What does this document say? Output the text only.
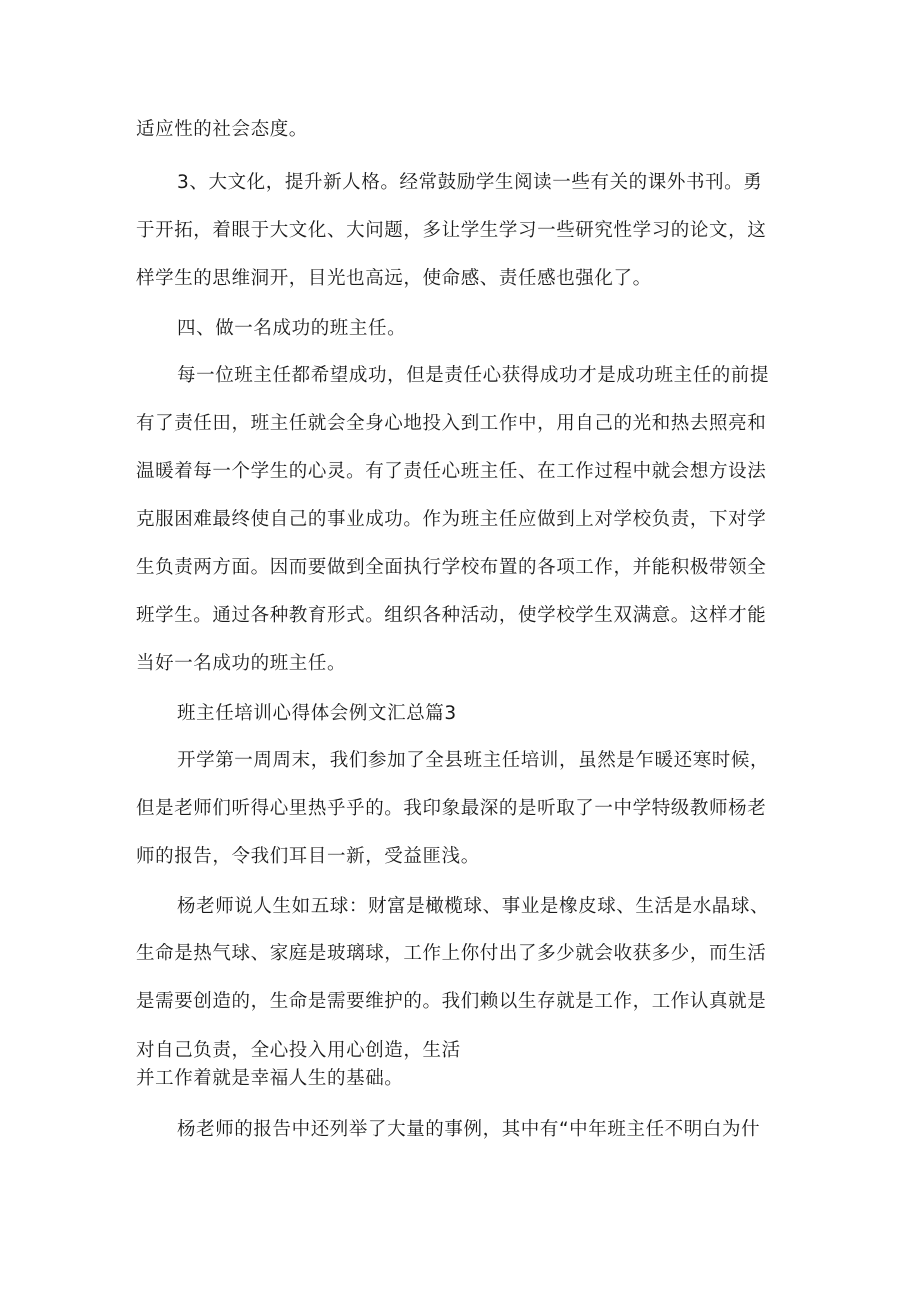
适应性的社会态度。
3、大文化，提升新人格。经常鼓励学生阅读一些有关的课外书刊。勇
于开拓，着眼于大文化、大问题，多让学生学习一些研究性学习的论文，这
样学生的思维洞开，目光也高远，使命感、责任感也强化了。
四、做一名成功的班主任。
每一位班主任都希望成功，但是责任心获得成功才是成功班主任的前提
有了责任田，班主任就会全身心地投入到工作中，用自己的光和热去照亮和
温暖着每一个学生的心灵。有了责任心班主任、在工作过程中就会想方设法
克服困难最终使自己的事业成功。作为班主任应做到上对学校负责，下对学
生负责两方面。因而要做到全面执行学校布置的各项工作，并能积极带领全
班学生。通过各种教育形式。组织各种活动，使学校学生双满意。这样才能
当好一名成功的班主任。
班主任培训心得体会例文汇总篇3
开学第一周周末，我们参加了全县班主任培训，虽然是乍暖还寒时候，
但是老师们听得心里热乎乎的。我印象最深的是听取了一中学特级教师杨老
师的报告，令我们耳目一新，受益匪浅。
杨老师说人生如五球：财富是橄榄球、事业是橡皮球、生活是水晶球、
生命是热气球、家庭是玻璃球，工作上你付出了多少就会收获多少，而生活
是需要创造的，生命是需要维护的。我们赖以生存就是工作，工作认真就是
对自己负责，全心投入用心创造，生活
并工作着就是幸福人生的基础。
杨老师的报告中还列举了大量的事例，其中有“中年班主任不明白为什
